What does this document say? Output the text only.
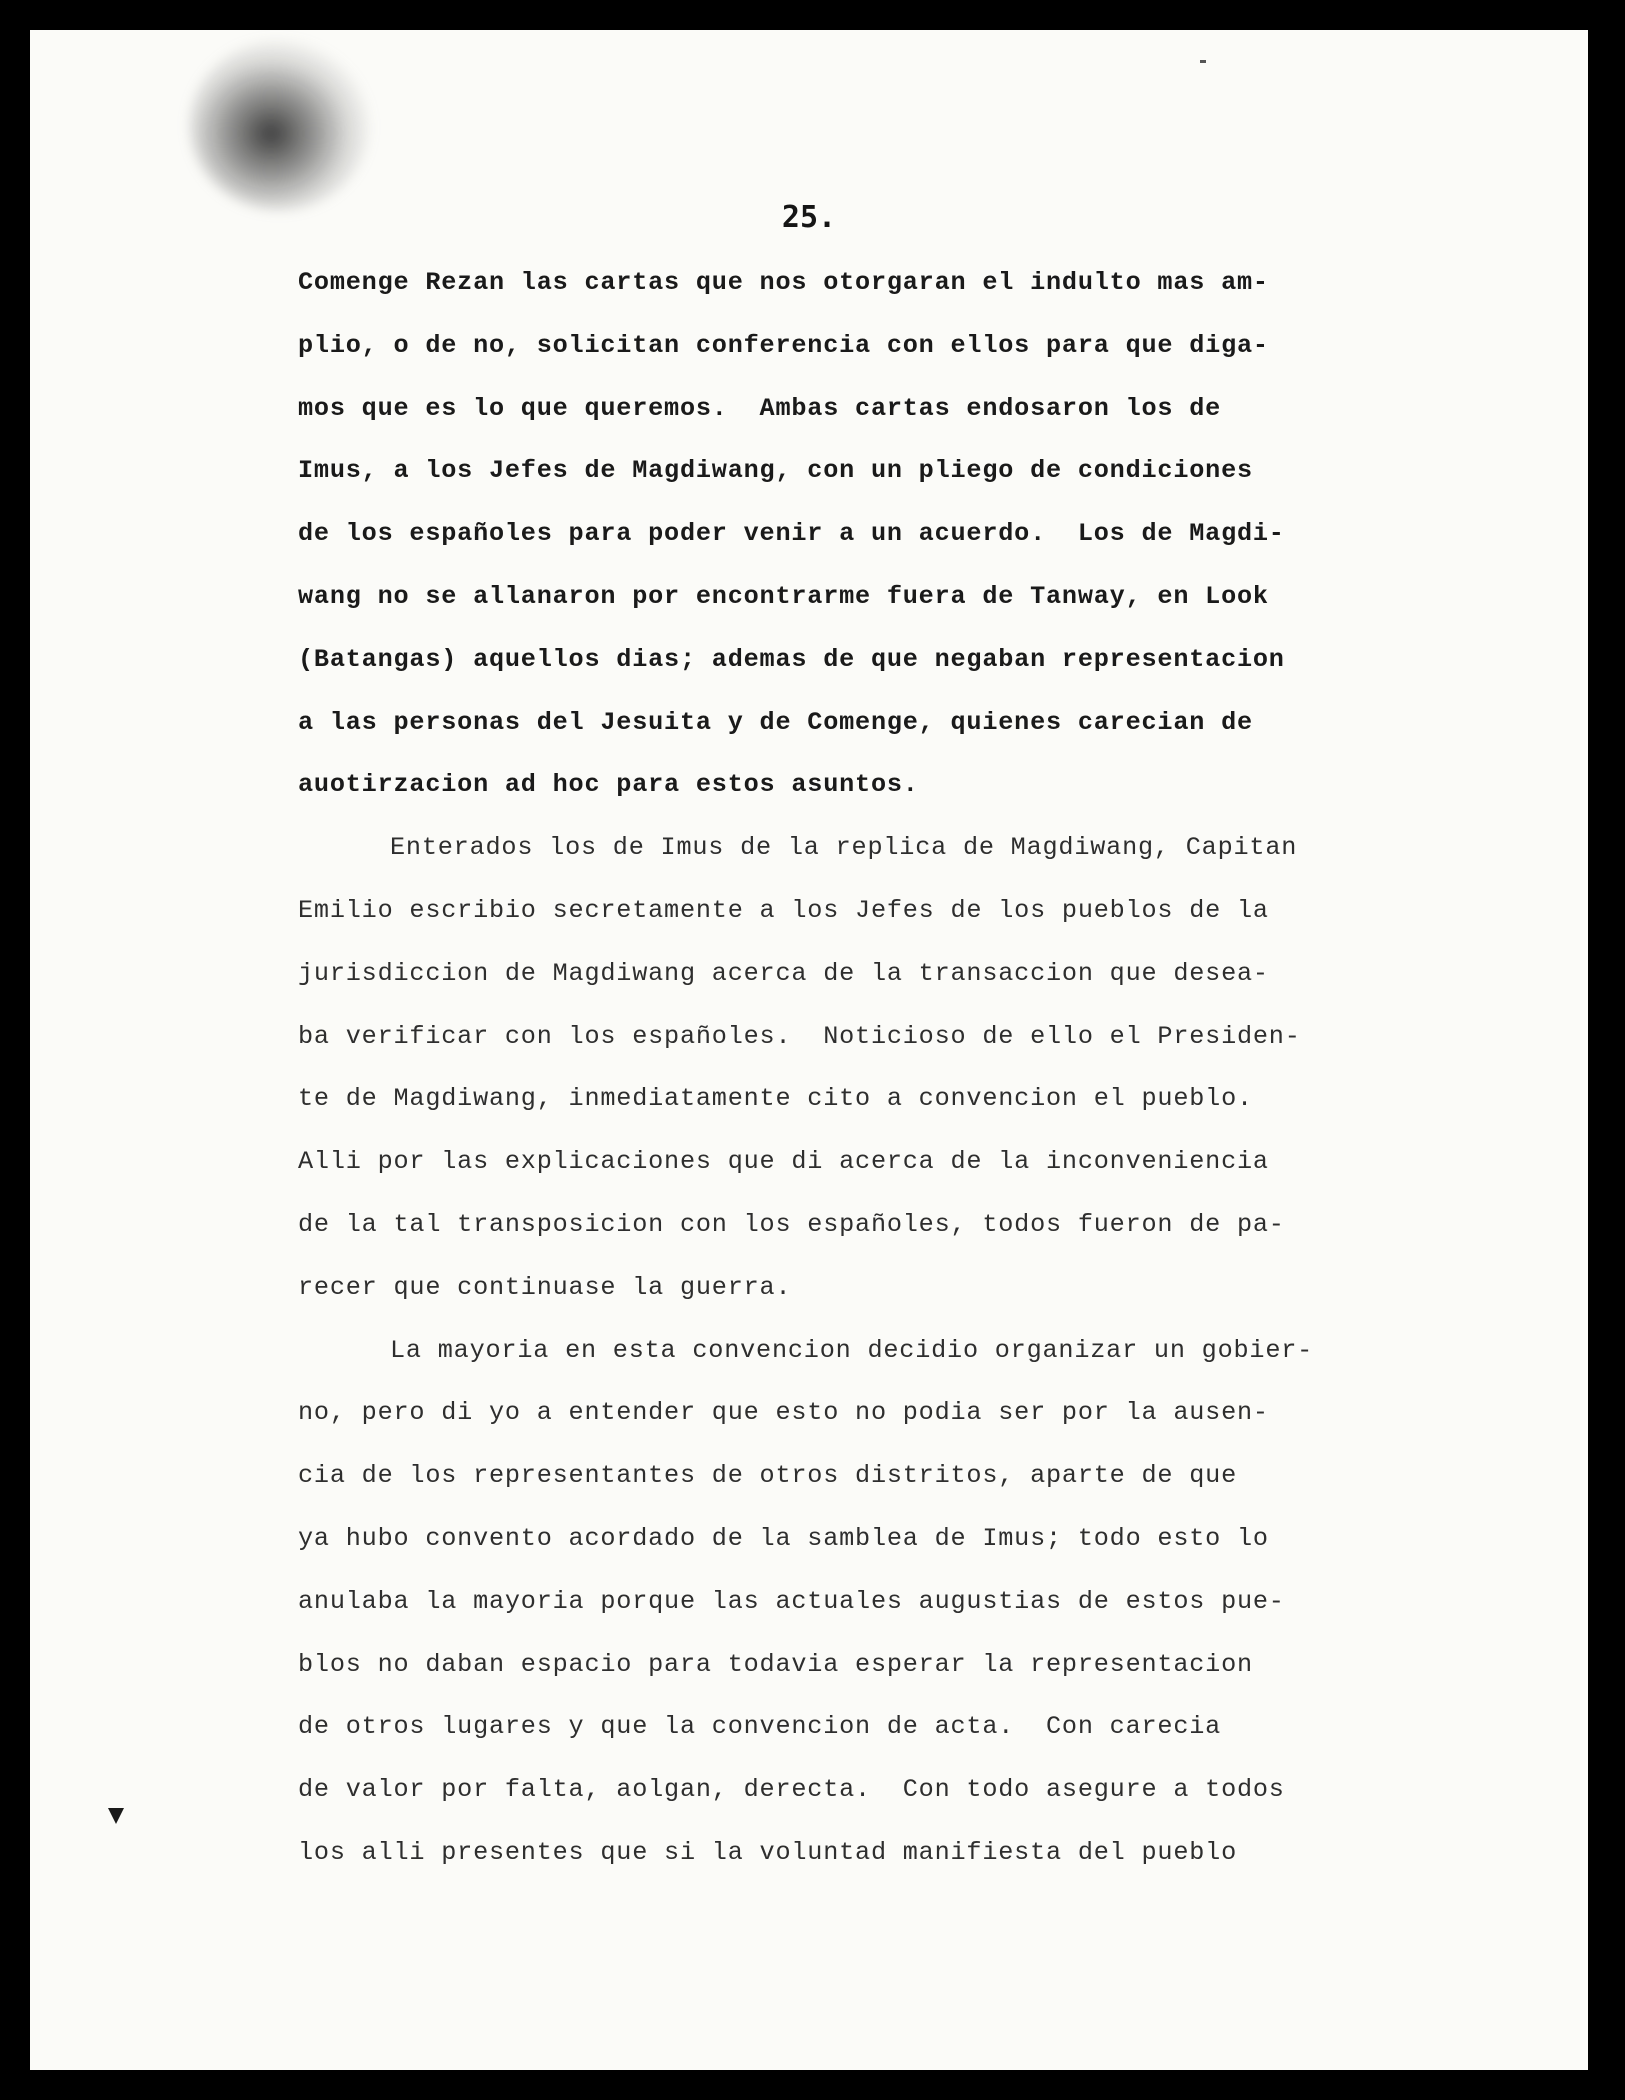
25.
Comenge Rezan las cartas que nos otorgaran el indulto mas am-
plio, o de no, solicitan conferencia con ellos para que diga-
mos que es lo que queremos.  Ambas cartas endosaron los de
Imus, a los Jefes de Magdiwang, con un pliego de condiciones
de los españoles para poder venir a un acuerdo.  Los de Magdi-
wang no se allanaron por encontrarme fuera de Tanway, en Look
(Batangas) aquellos dias; ademas de que negaban representacion
a las personas del Jesuita y de Comenge, quienes carecian de
auotirzacion ad hoc para estos asuntos.
Enterados los de Imus de la replica de Magdiwang, Capitan
Emilio escribio secretamente a los Jefes de los pueblos de la
jurisdiccion de Magdiwang acerca de la transaccion que desea-
ba verificar con los españoles.  Noticioso de ello el Presiden-
te de Magdiwang, inmediatamente cito a convencion el pueblo.
Alli por las explicaciones que di acerca de la inconveniencia
de la tal transposicion con los españoles, todos fueron de pa-
recer que continuase la guerra.
La mayoria en esta convencion decidio organizar un gobier-
no, pero di yo a entender que esto no podia ser por la ausen-
cia de los representantes de otros distritos, aparte de que
ya hubo convento acordado de la samblea de Imus; todo esto lo
anulaba la mayoria porque las actuales augustias de estos pue-
blos no daban espacio para todavia esperar la representacion
de otros lugares y que la convencion de acta.  Con carecia
de valor por falta, aolgan, derecta.  Con todo asegure a todos
los alli presentes que si la voluntad manifiesta del pueblo
